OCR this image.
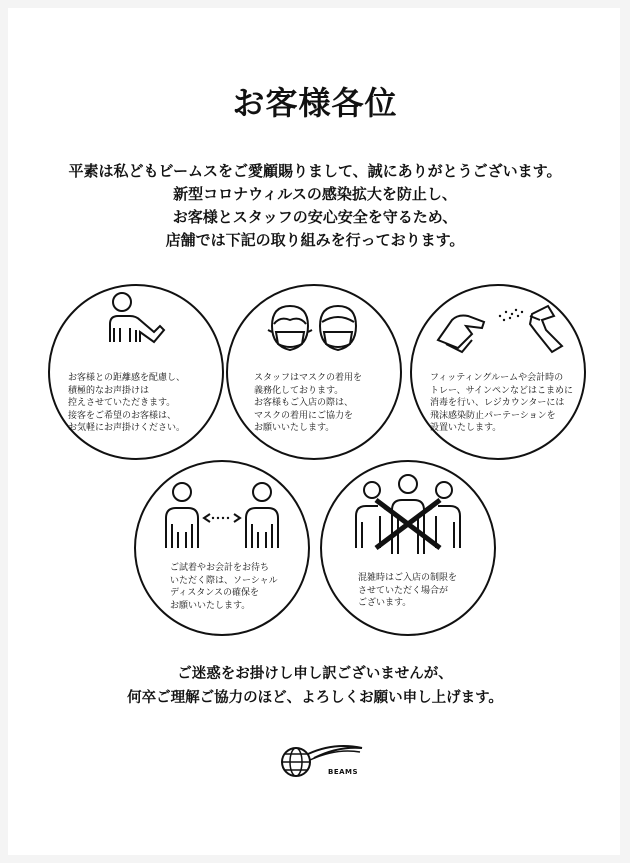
お客様各位
平素は私どもビームスをご愛顧賜りまして、誠にありがとうございます。
新型コロナウィルスの感染拡大を防止し、
お客様とスタッフの安心安全を守るため、
店舗では下記の取り組みを行っております。
お客様との距離感を配慮し、
積極的なお声掛けは
控えさせていただきます。
接客をご希望のお客様は、
お気軽にお声掛けください。
スタッフはマスクの着用を
義務化しております。
お客様もご入店の際は、
マスクの着用にご協力を
お願いいたします。
フィッティングルームや会計時の
トレー、サインペンなどはこまめに
消毒を行い、レジカウンターには
飛沫感染防止パーテーションを
設置いたします。
ご試着やお会計をお待ち
いただく際は、ソーシャル
ディスタンスの確保を
お願いいたします。
混雑時はご入店の制限を
させていただく場合が
ございます。
ご迷惑をお掛けし申し訳ございませんが、
何卒ご理解ご協力のほど、よろしくお願い申し上げます。
BEAMS
